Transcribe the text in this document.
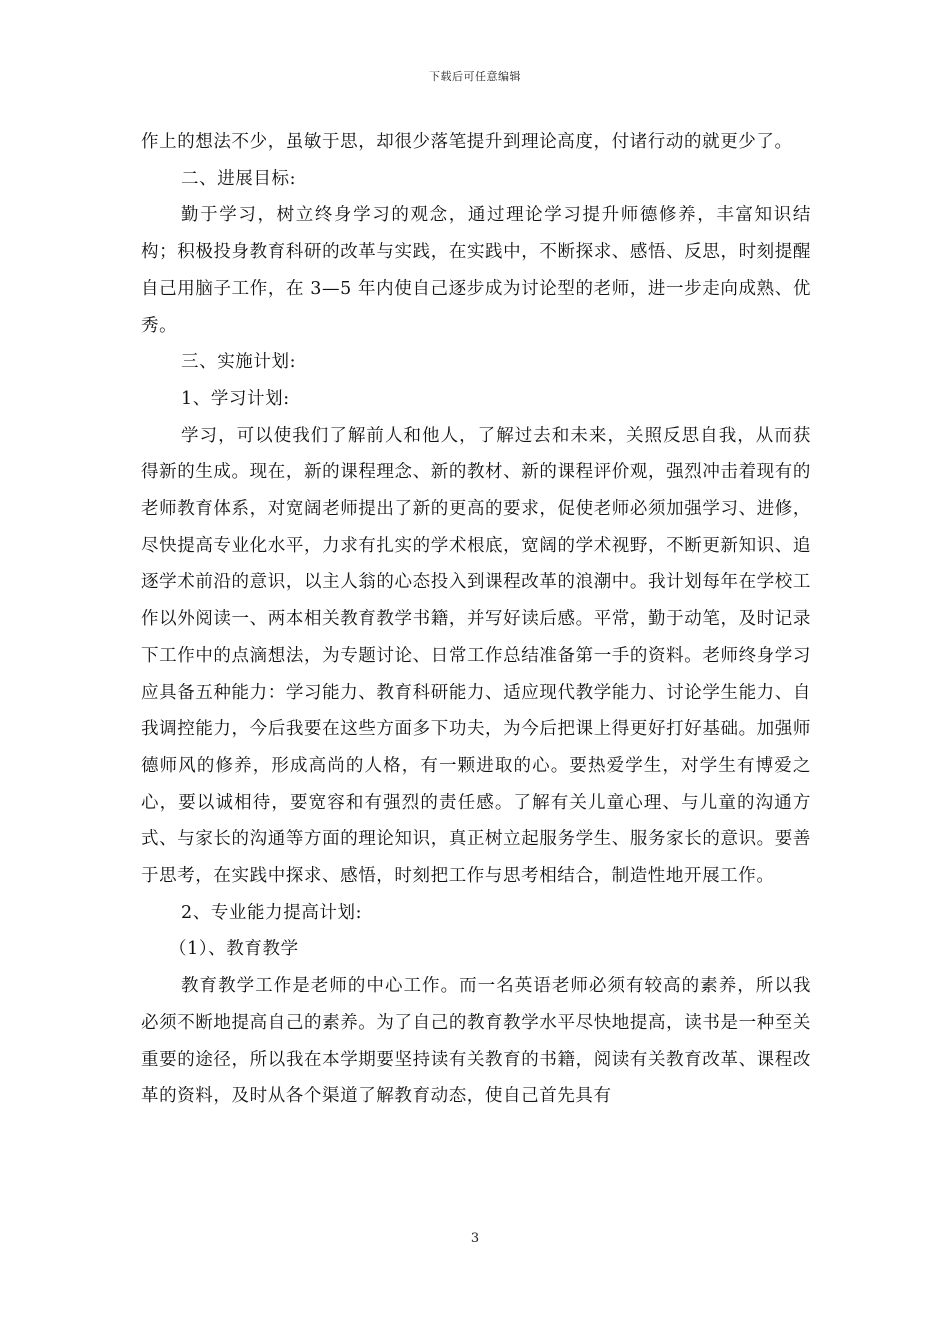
下载后可任意编辑

作上的想法不少，虽敏于思，却很少落笔提升到理论高度，付诸行动的就更少了。

二、进展目标:

勤于学习，树立终身学习的观念，通过理论学习提升师德修养，丰富知识结构；积极投身教育科研的改革与实践，在实践中，不断探求、感悟、反思，时刻提醒自己用脑子工作，在 3—5 年内使自己逐步成为讨论型的老师，进一步走向成熟、优秀。

三、实施计划:

1、学习计划:

学习，可以使我们了解前人和他人，了解过去和未来，关照反思自我，从而获得新的生成。现在，新的课程理念、新的教材、新的课程评价观，强烈冲击着现有的老师教育体系，对宽阔老师提出了新的更高的要求，促使老师必须加强学习、进修，尽快提高专业化水平，力求有扎实的学术根底，宽阔的学术视野，不断更新知识、追逐学术前沿的意识，以主人翁的心态投入到课程改革的浪潮中。我计划每年在学校工作以外阅读一、两本相关教育教学书籍，并写好读后感。平常，勤于动笔，及时记录下工作中的点滴想法，为专题讨论、日常工作总结准备第一手的资料。老师终身学习应具备五种能力：学习能力、教育科研能力、适应现代教学能力、讨论学生能力、自我调控能力，今后我要在这些方面多下功夫，为今后把课上得更好打好基础。加强师德师风的修养，形成高尚的人格，有一颗进取的心。要热爱学生，对学生有博爱之心，要以诚相待，要宽容和有强烈的责任感。了解有关儿童心理、与儿童的沟通方式、与家长的沟通等方面的理论知识，真正树立起服务学生、服务家长的意识。要善于思考，在实践中探求、感悟，时刻把工作与思考相结合，制造性地开展工作。

2、专业能力提高计划:

（1）、教育教学

教育教学工作是老师的中心工作。而一名英语老师必须有较高的素养，所以我必须不断地提高自己的素养。为了自己的教育教学水平尽快地提高，读书是一种至关重要的途径，所以我在本学期要坚持读有关教育的书籍，阅读有关教育改革、课程改革的资料，及时从各个渠道了解教育动态，使自己首先具有

3
